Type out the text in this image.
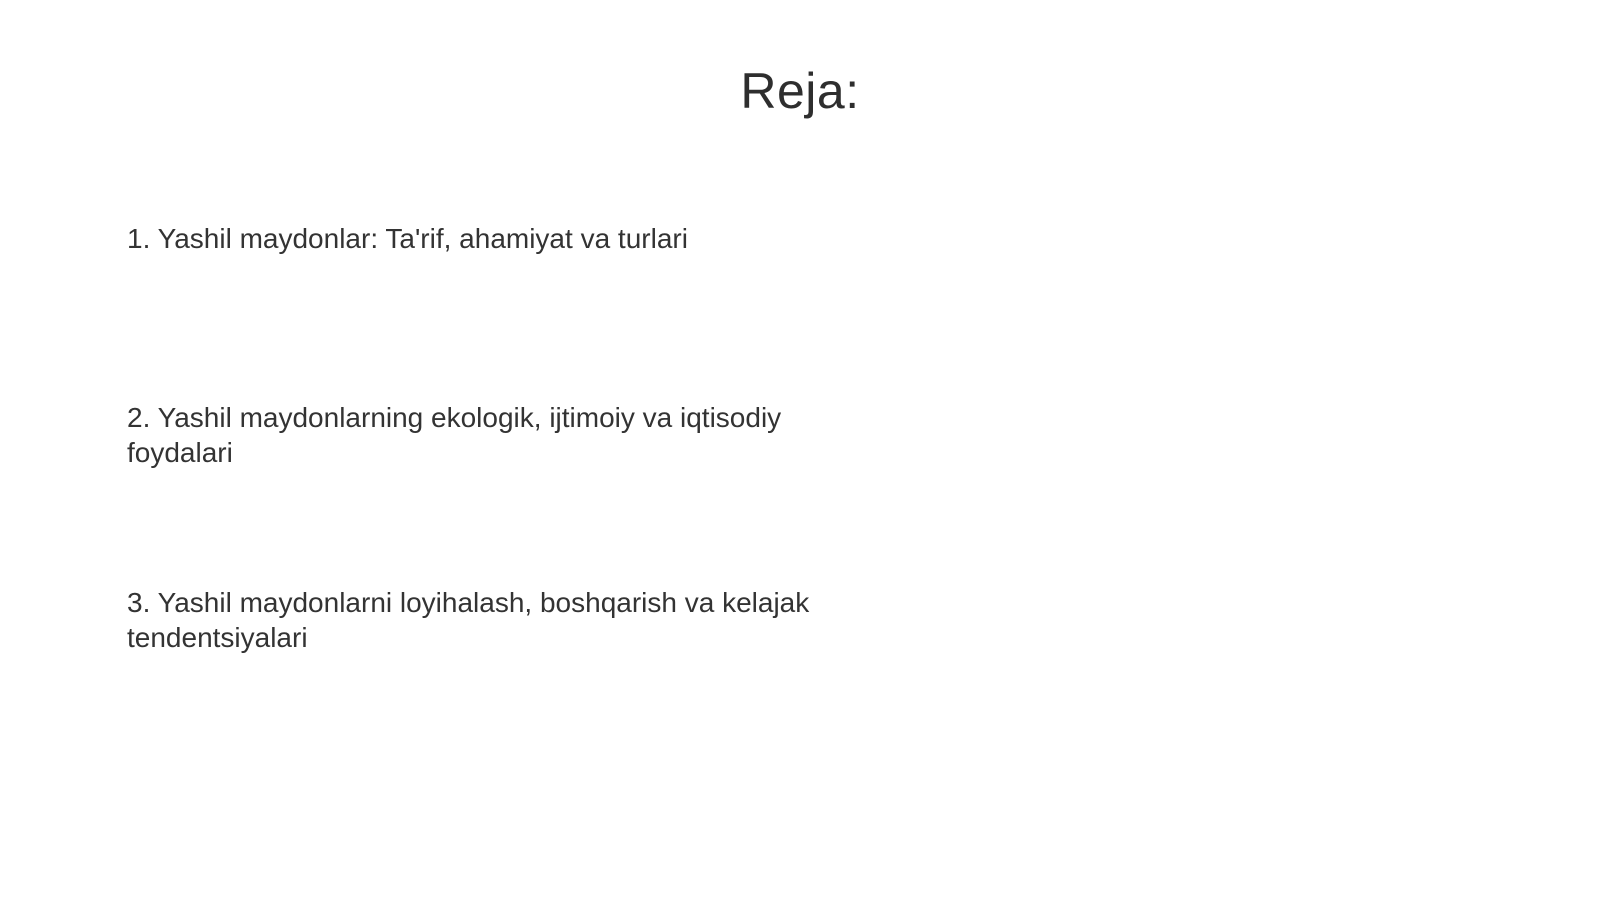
Reja:

1. Yashil maydonlar: Ta'rif, ahamiyat va turlari

2. Yashil maydonlarning ekologik, ijtimoiy va iqtisodiy foydalari

3. Yashil maydonlarni loyihalash, boshqarish va kelajak tendentsiyalari
